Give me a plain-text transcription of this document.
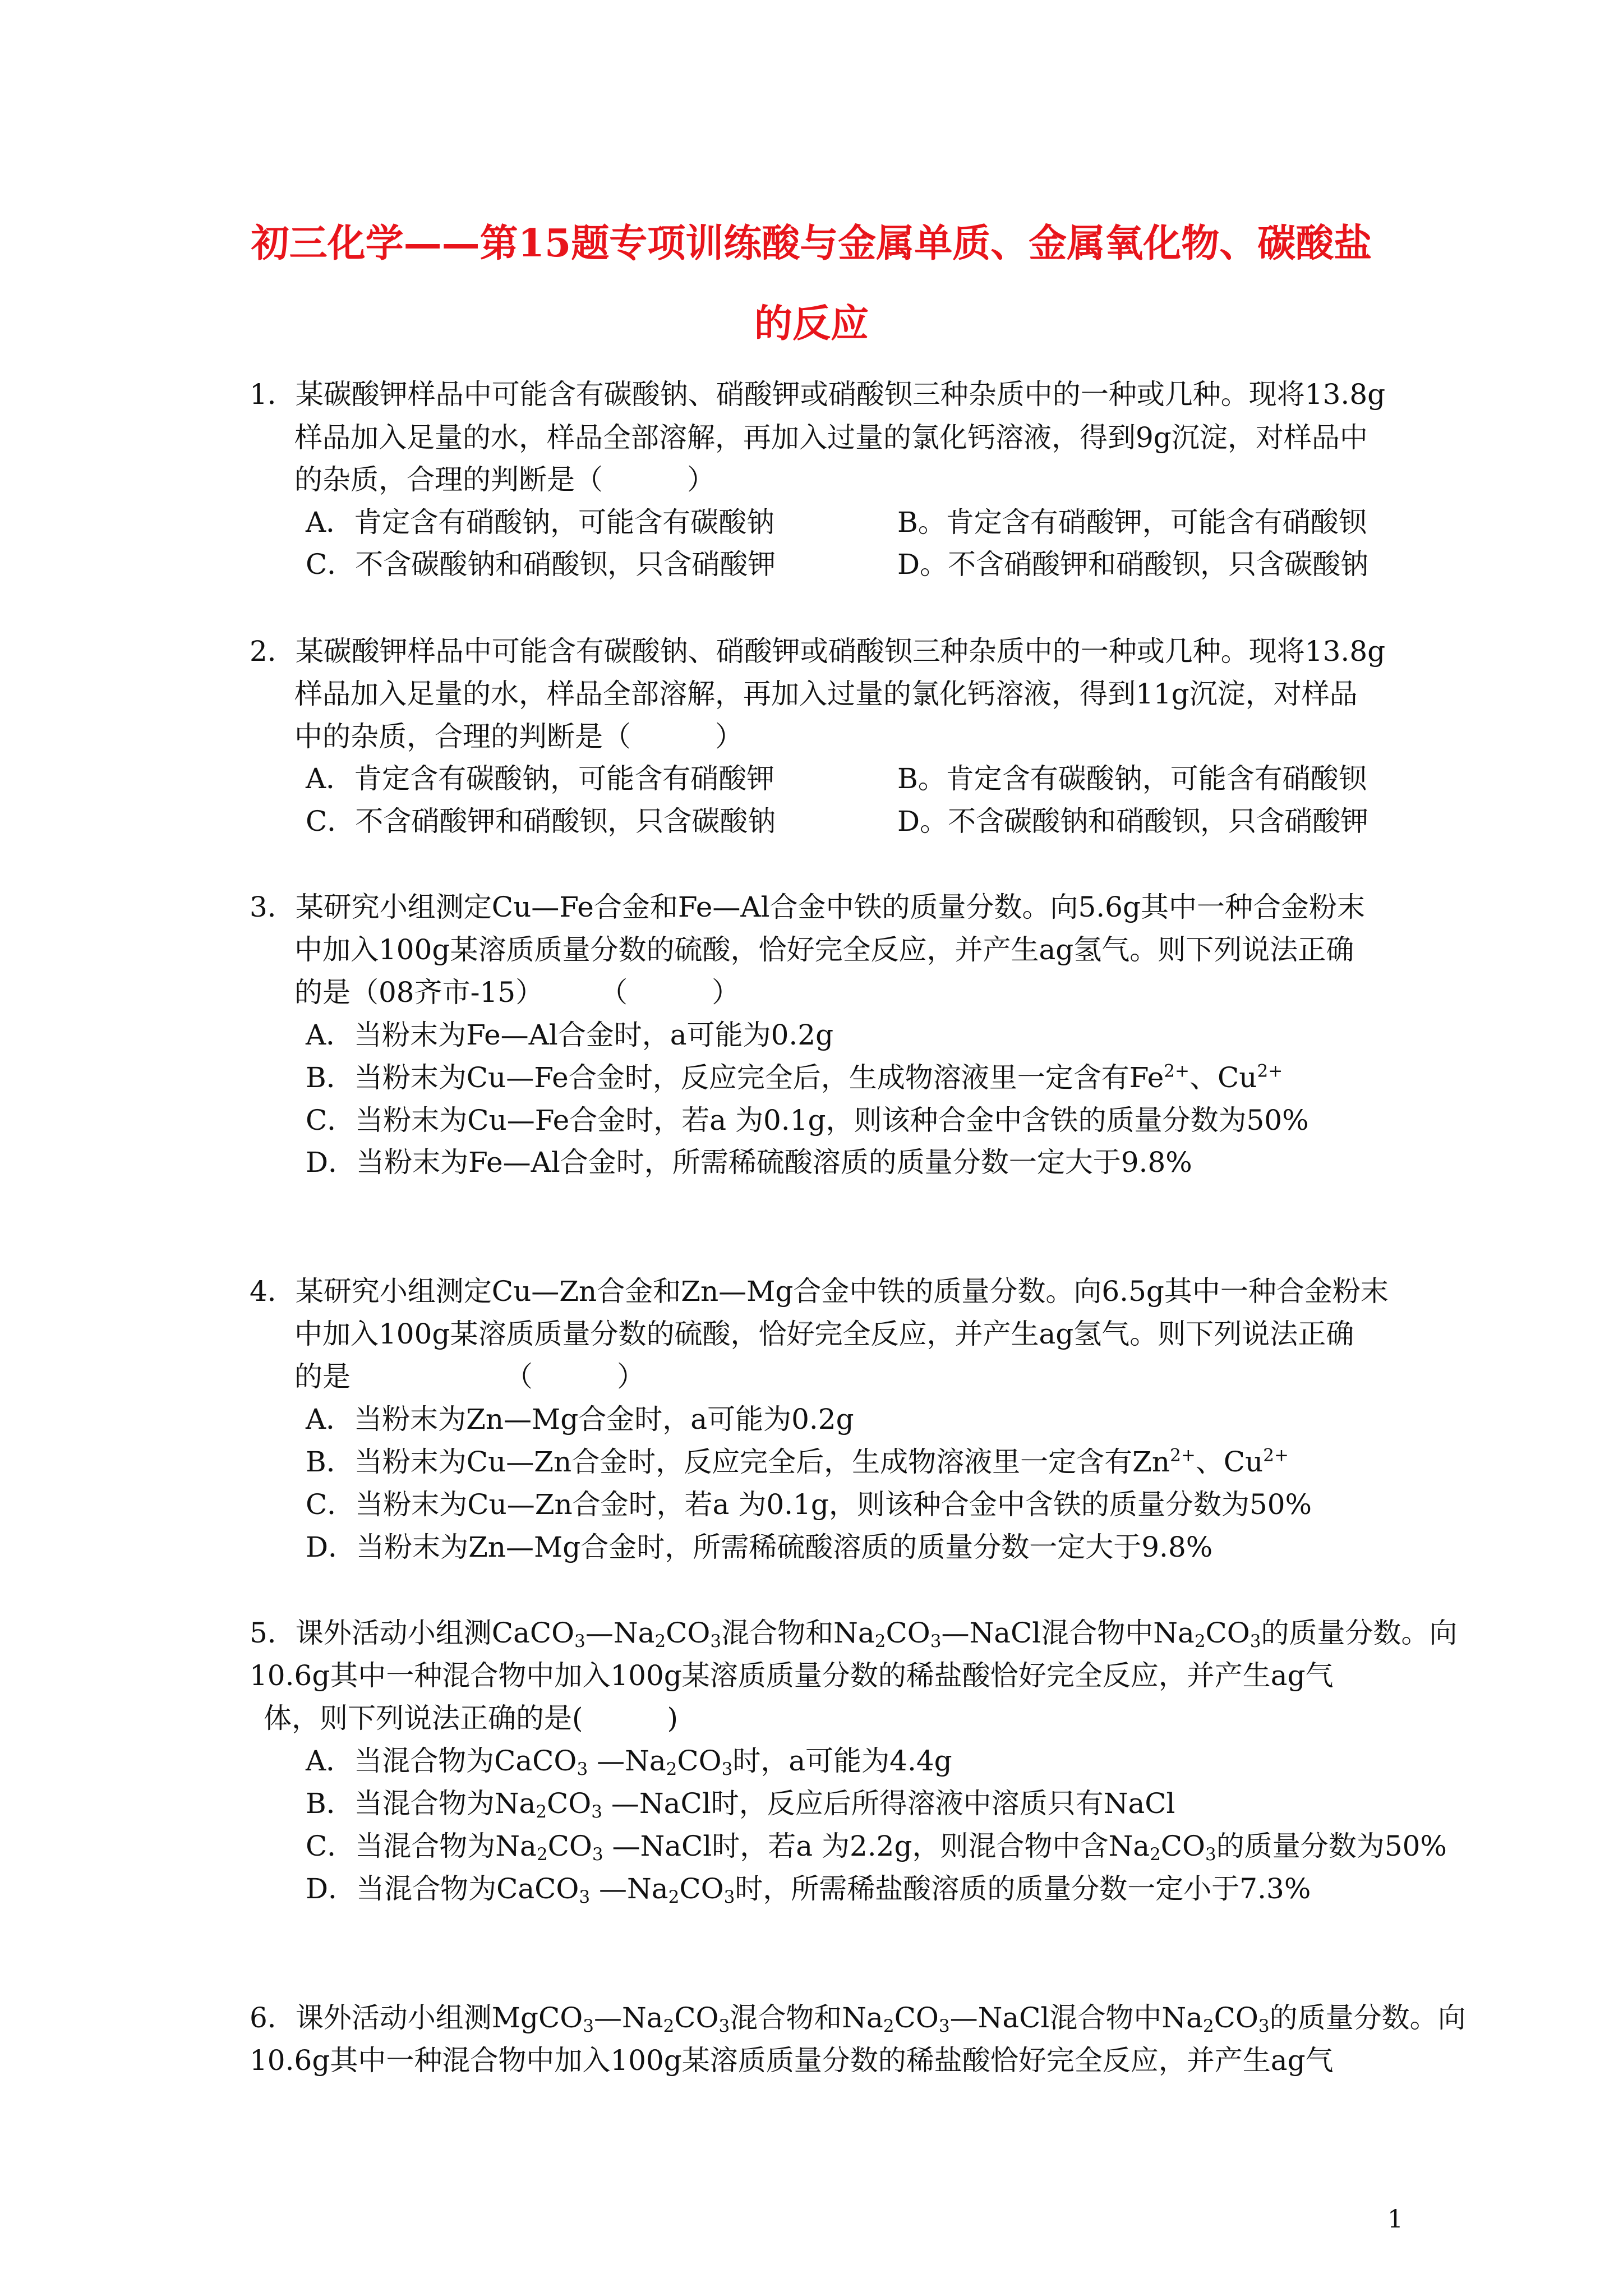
初三化学——第15题专项训练酸与金属单质、金属氧化物、碳酸盐
的反应
1．某碳酸钾样品中可能含有碳酸钠、硝酸钾或硝酸钡三种杂质中的一种或几种。现将13.8g
样品加入足量的水，样品全部溶解，再加入过量的氯化钙溶液，得到9g沉淀，对样品中
的杂质，合理的判断是（　　　）
A．肯定含有硝酸钠，可能含有碳酸钠	B。肯定含有硝酸钾，可能含有硝酸钡
C．不含碳酸钠和硝酸钡，只含硝酸钾	D。不含硝酸钾和硝酸钡，只含碳酸钠
2．某碳酸钾样品中可能含有碳酸钠、硝酸钾或硝酸钡三种杂质中的一种或几种。现将13.8g
样品加入足量的水，样品全部溶解，再加入过量的氯化钙溶液，得到11g沉淀，对样品
中的杂质，合理的判断是（　　　）
A．肯定含有碳酸钠，可能含有硝酸钾	B。肯定含有碳酸钠，可能含有硝酸钡
C．不含硝酸钾和硝酸钡，只含碳酸钠	D。不含碳酸钠和硝酸钡，只含硝酸钾
3．某研究小组测定Cu—Fe合金和Fe—Al合金中铁的质量分数。向5.6g其中一种合金粉末
中加入100g某溶质质量分数的硫酸，恰好完全反应，并产生ag氢气。则下列说法正确
的是（08齐市-15）　　　（　　　）
A．当粉末为Fe—Al合金时，a可能为0.2g
B．当粉末为Cu—Fe合金时，反应完全后，生成物溶液里一定含有$Fe^{2+}$、$Cu^{2+}$
C．当粉末为Cu—Fe合金时，若a 为0.1g，则该种合金中含铁的质量分数为50%
D．当粉末为Fe—Al合金时，所需稀硫酸溶质的质量分数一定大于9.8%
4．某研究小组测定Cu—Zn合金和Zn—Mg合金中铁的质量分数。向6.5g其中一种合金粉末
中加入100g某溶质质量分数的硫酸，恰好完全反应，并产生ag氢气。则下列说法正确
的是　　　　　　（　　　）
A．当粉末为Zn—Mg合金时，a可能为0.2g
B．当粉末为Cu—Zn合金时，反应完全后，生成物溶液里一定含有$Zn^{2+}$、$Cu^{2+}$
C．当粉末为Cu—Zn合金时，若a 为0.1g，则该种合金中含铁的质量分数为50%
D．当粉末为Zn—Mg合金时，所需稀硫酸溶质的质量分数一定大于9.8%
5．课外活动小组测$CaCO_3—Na_2CO_3$混合物和$Na_2CO_3—NaCl$混合物中$Na_2CO_3$的质量分数。向
10.6g其中一种混合物中加入100g某溶质质量分数的稀盐酸恰好完全反应，并产生ag气
体，则下列说法正确的是(　　　)
A．当混合物为CaCO$_3$ $—Na_2CO_3$时，a可能为4.4g
B．当混合物为$Na_2CO_3$ —NaCl时，反应后所得溶液中溶质只有NaCl
C．当混合物为$Na_2CO_3$ —NaCl时，若a 为2.2g，则混合物中含$Na_2CO_3$的质量分数为50%
D．当混合物为CaCO$_3$ $—Na_2CO_3$时，所需稀盐酸溶质的质量分数一定小于7.3%
6．课外活动小组测$MgCO_3—Na_2CO_3$混合物和$Na_2CO_3—NaCl$混合物中$Na_2CO_3$的质量分数。向
10.6g其中一种混合物中加入100g某溶质质量分数的稀盐酸恰好完全反应，并产生ag气
1
